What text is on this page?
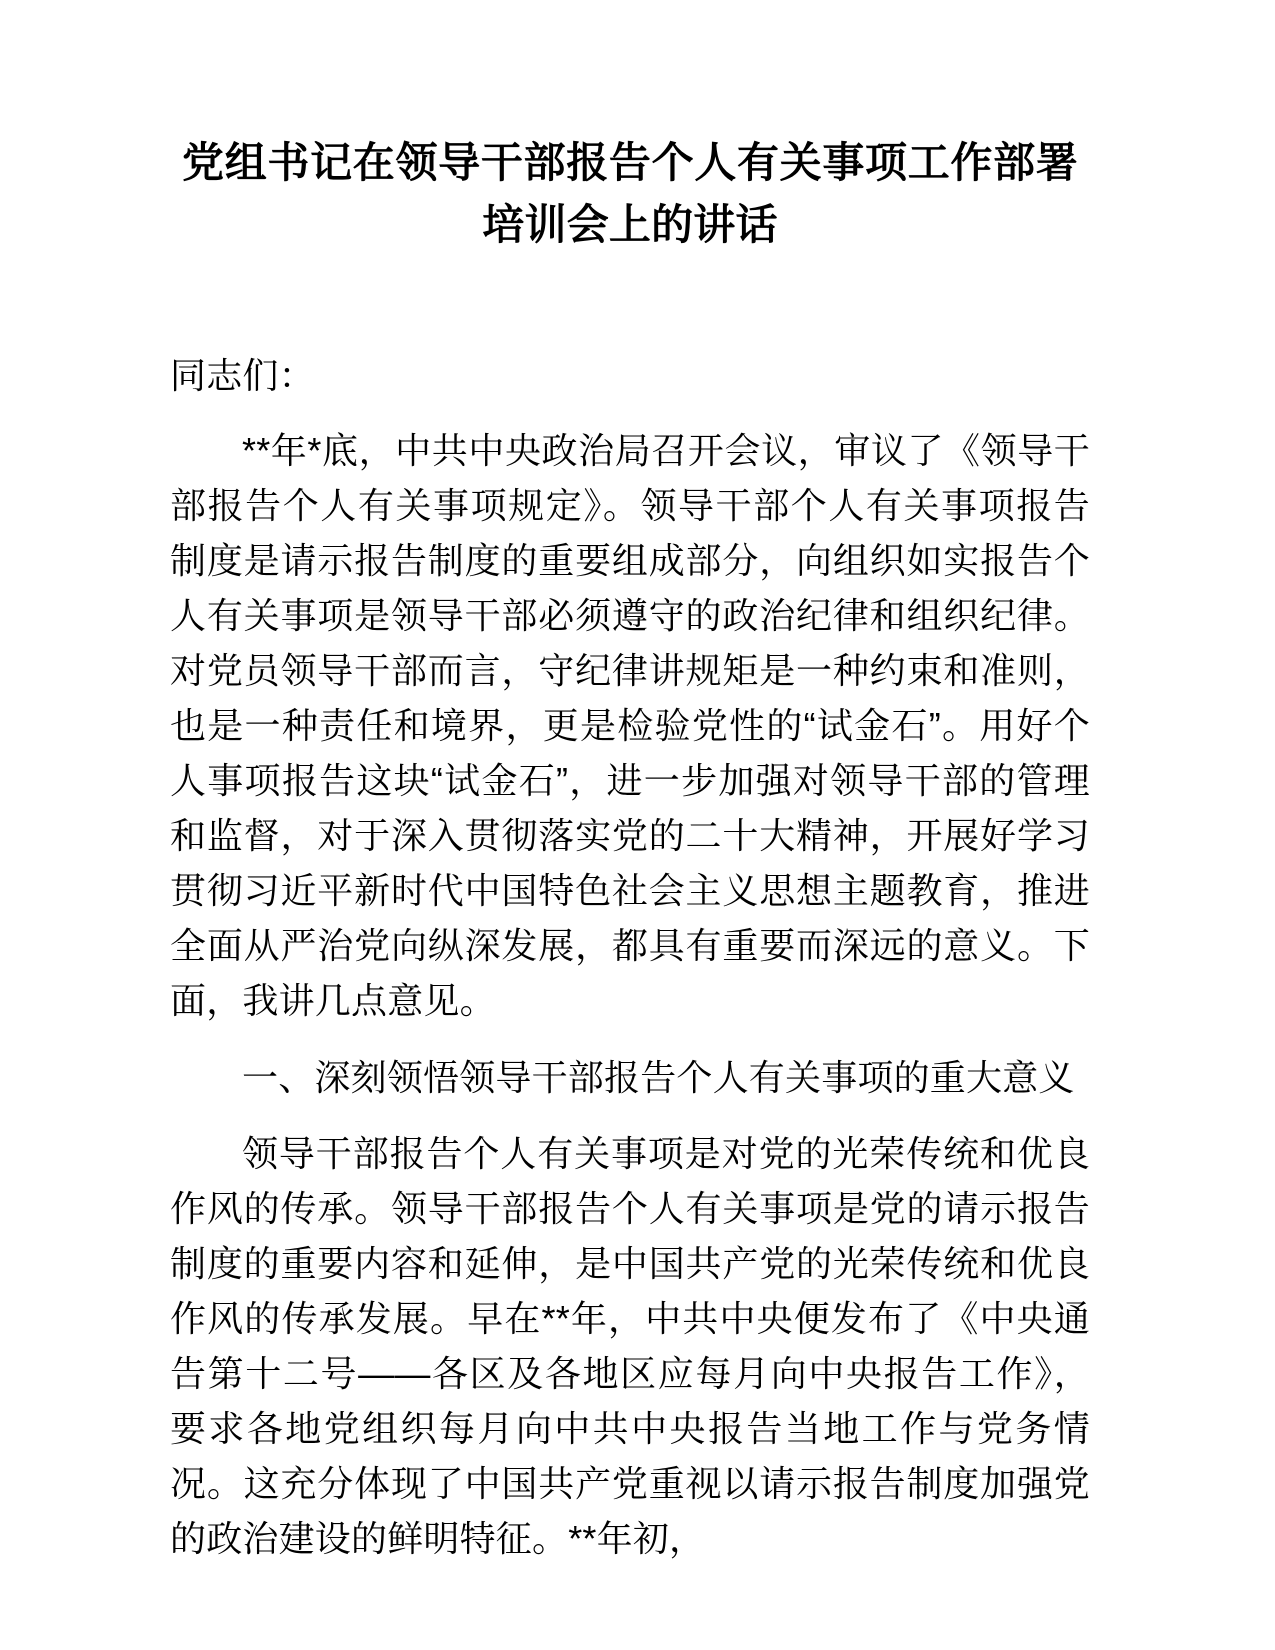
党组书记在领导干部报告个人有关事项工作部署培训会上的讲话

同志们：

**年*底，中共中央政治局召开会议，审议了《领导干部报告个人有关事项规定》。领导干部个人有关事项报告制度是请示报告制度的重要组成部分，向组织如实报告个人有关事项是领导干部必须遵守的政治纪律和组织纪律。对党员领导干部而言，守纪律讲规矩是一种约束和准则，也是一种责任和境界，更是检验党性的“试金石”。用好个人事项报告这块“试金石”，进一步加强对领导干部的管理和监督，对于深入贯彻落实党的二十大精神，开展好学习贯彻习近平新时代中国特色社会主义思想主题教育，推进全面从严治党向纵深发展，都具有重要而深远的意义。下面，我讲几点意见。

一、深刻领悟领导干部报告个人有关事项的重大意义

领导干部报告个人有关事项是对党的光荣传统和优良作风的传承。领导干部报告个人有关事项是党的请示报告制度的重要内容和延伸，是中国共产党的光荣传统和优良作风的传承发展。早在**年，中共中央便发布了《中央通告第十二号——各区及各地区应每月向中央报告工作》，要求各地党组织每月向中共中央报告当地工作与党务情况。这充分体现了中国共产党重视以请示报告制度加强党的政治建设的鲜明特征。**年初，
